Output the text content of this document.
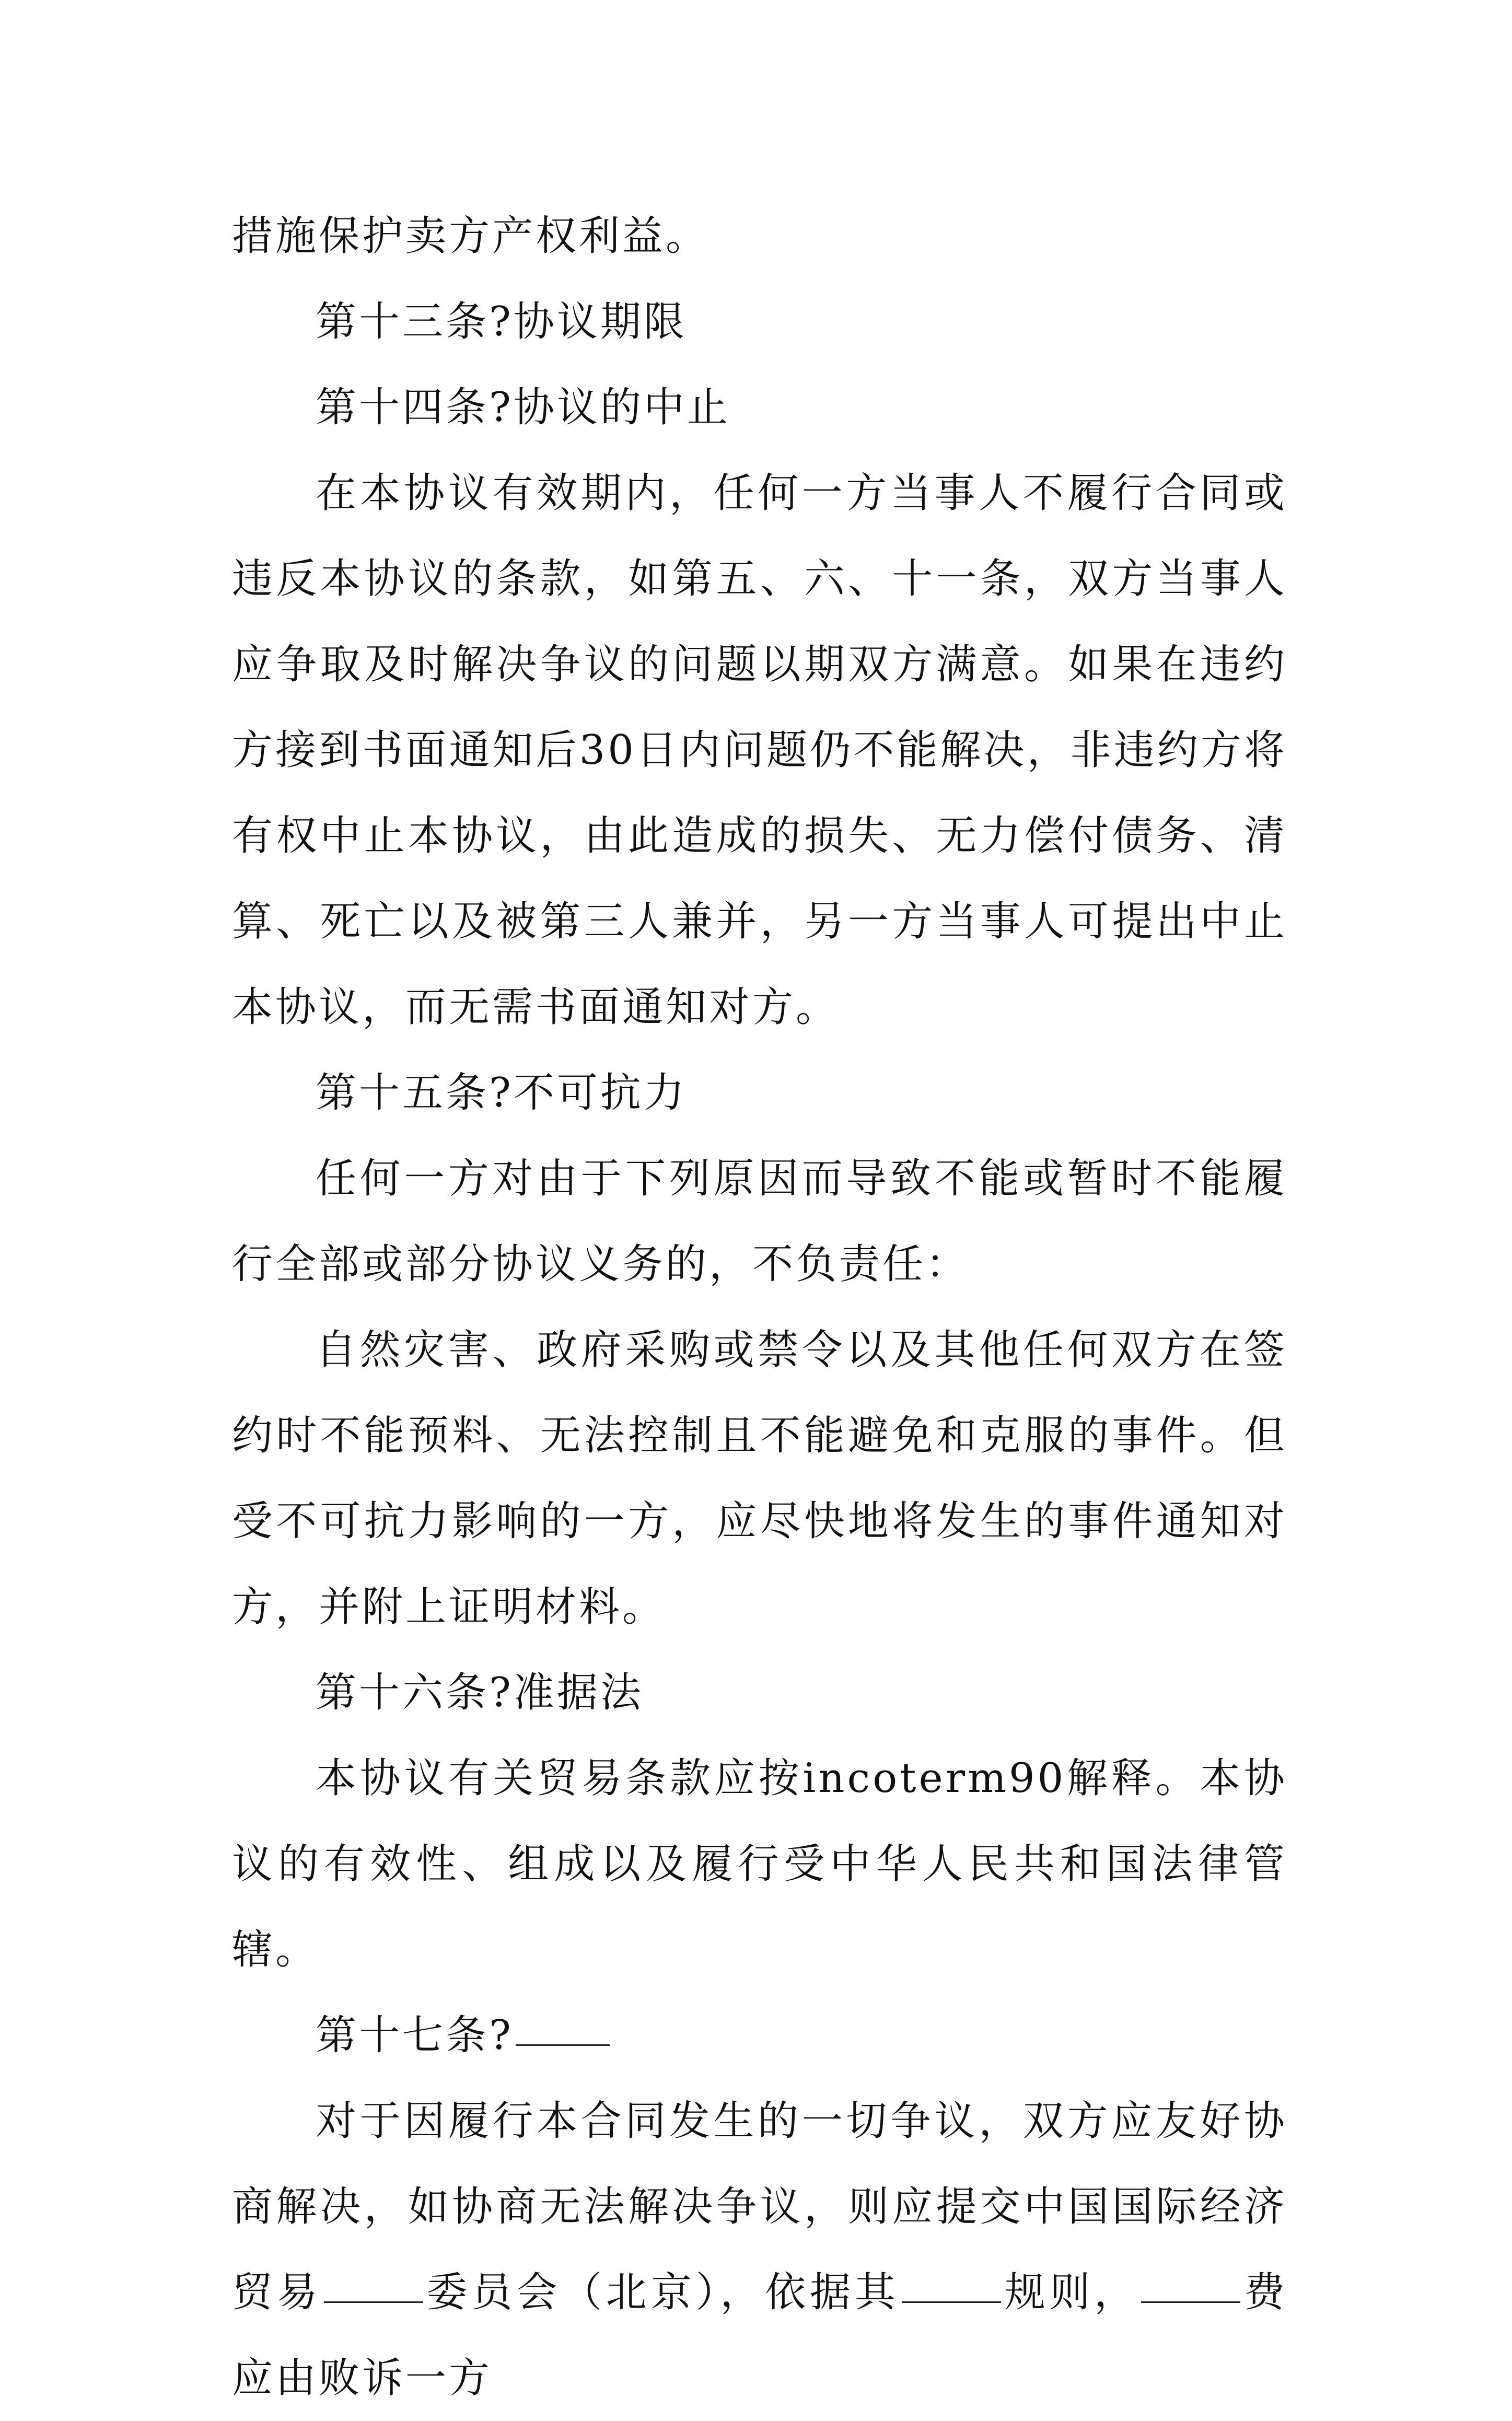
措施保护卖方产权利益。

第十三条?协议期限

第十四条?协议的中止

在本协议有效期内，任何一方当事人不履行合同或违反本协议的条款，如第五、六、十一条，双方当事人应争取及时解决争议的问题以期双方满意。如果在违约方接到书面通知后30日内问题仍不能解决，非违约方将有权中止本协议，由此造成的损失、无力偿付债务、清算、死亡以及被第三人兼并，另一方当事人可提出中止本协议，而无需书面通知对方。

第十五条?不可抗力

任何一方对由于下列原因而导致不能或暂时不能履行全部或部分协议义务的，不负责任：

自然灾害、政府采购或禁令以及其他任何双方在签约时不能预料、无法控制且不能避免和克服的事件。但受不可抗力影响的一方，应尽快地将发生的事件通知对方，并附上证明材料。

第十六条?准据法

本协议有关贸易条款应按incoterm90解释。本协议的有效性、组成以及履行受中华人民共和国法律管辖。

第十七条?

对于因履行本合同发生的一切争议，双方应友好协商解决，如协商无法解决争议，则应提交中国国际经济贸易	委员会（北京），依据其	规则，	费应由败诉一方
